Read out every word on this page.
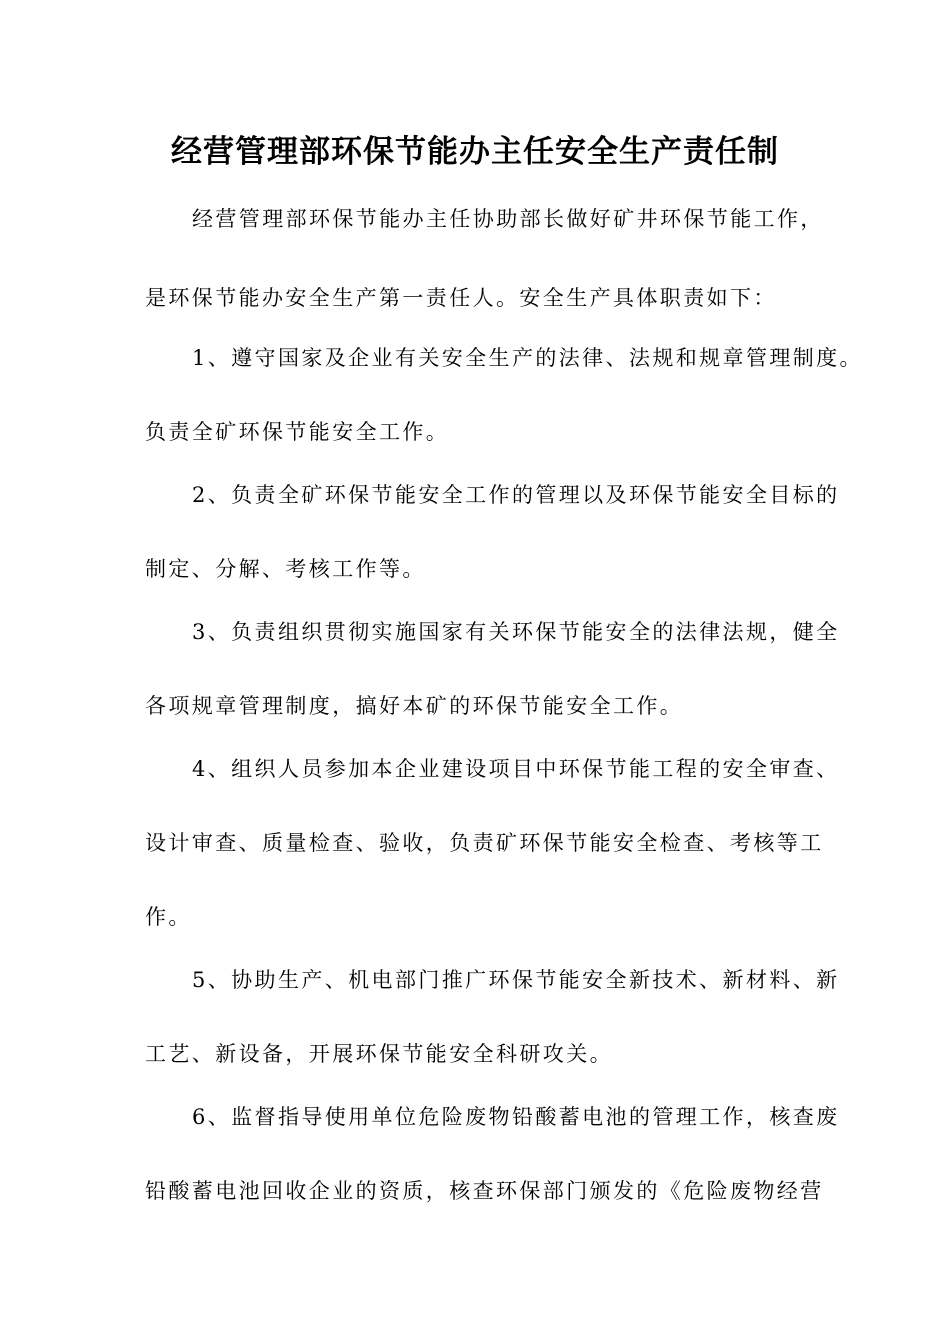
经营管理部环保节能办主任安全生产责任制

经营管理部环保节能办主任协助部长做好矿井环保节能工作，

是环保节能办安全生产第一责任人。安全生产具体职责如下：

1、遵守国家及企业有关安全生产的法律、法规和规章管理制度。

负责全矿环保节能安全工作。

2、负责全矿环保节能安全工作的管理以及环保节能安全目标的

制定、分解、考核工作等。

3、负责组织贯彻实施国家有关环保节能安全的法律法规，健全

各项规章管理制度，搞好本矿的环保节能安全工作。

4、组织人员参加本企业建设项目中环保节能工程的安全审查、

设计审查、质量检查、验收，负责矿环保节能安全检查、考核等工

作。

5、协助生产、机电部门推广环保节能安全新技术、新材料、新

工艺、新设备，开展环保节能安全科研攻关。

6、监督指导使用单位危险废物铅酸蓄电池的管理工作，核查废

铅酸蓄电池回收企业的资质，核查环保部门颁发的《危险废物经营
